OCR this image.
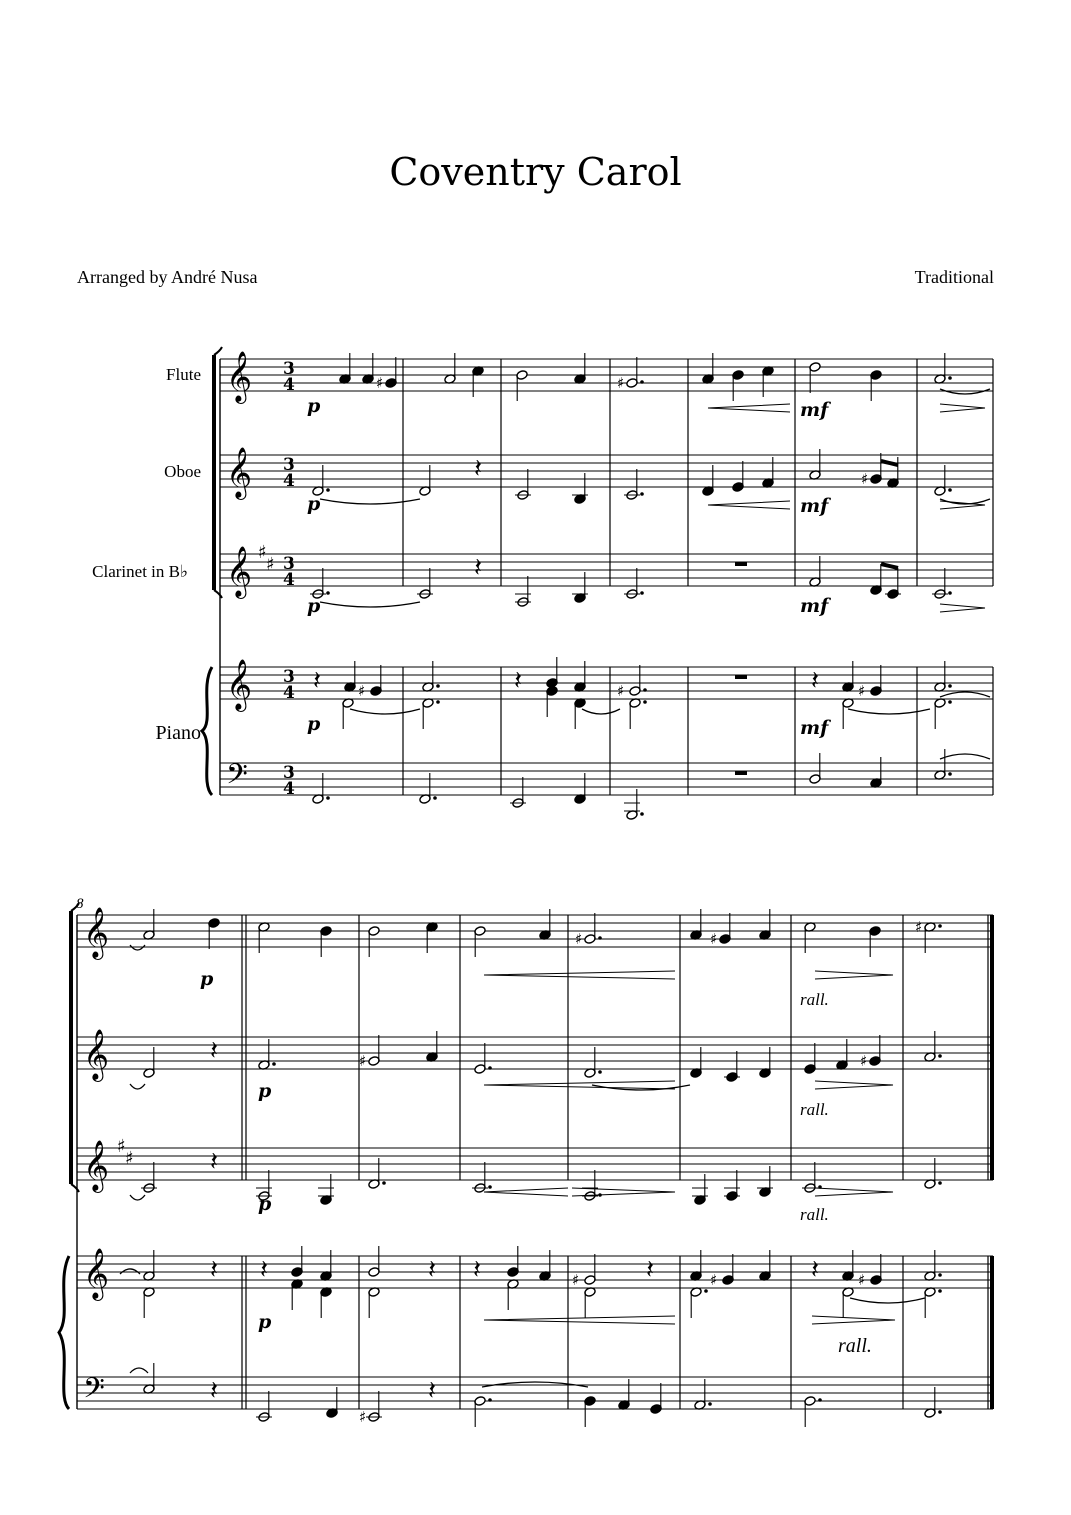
Coventry Carol
Arranged by André Nusa	Traditional
Flute
Oboe
Clarinet in B♭
Piano
𝄞 3
4
𝄞 3
4
𝄞 ♯
♯ 3
4
𝄞 3
4
𝄢 3
4
♯	♯
p	mf
𝄽	♯
p	mf
𝄽
p	mf
𝄽 ♯	𝄽	♯	𝄽	♯
p	mf
8
𝄞
𝄞
𝄞 ♯
♯
𝄞
𝄢
♯	♯
♯
p
rall.
𝄽	♯	♯
p
rall.
𝄽
p	rall.
𝄽 𝄽	𝄽 𝄽	♯	𝄽	♯	𝄽	♯
p
rall.
𝄽
♯
𝄽
